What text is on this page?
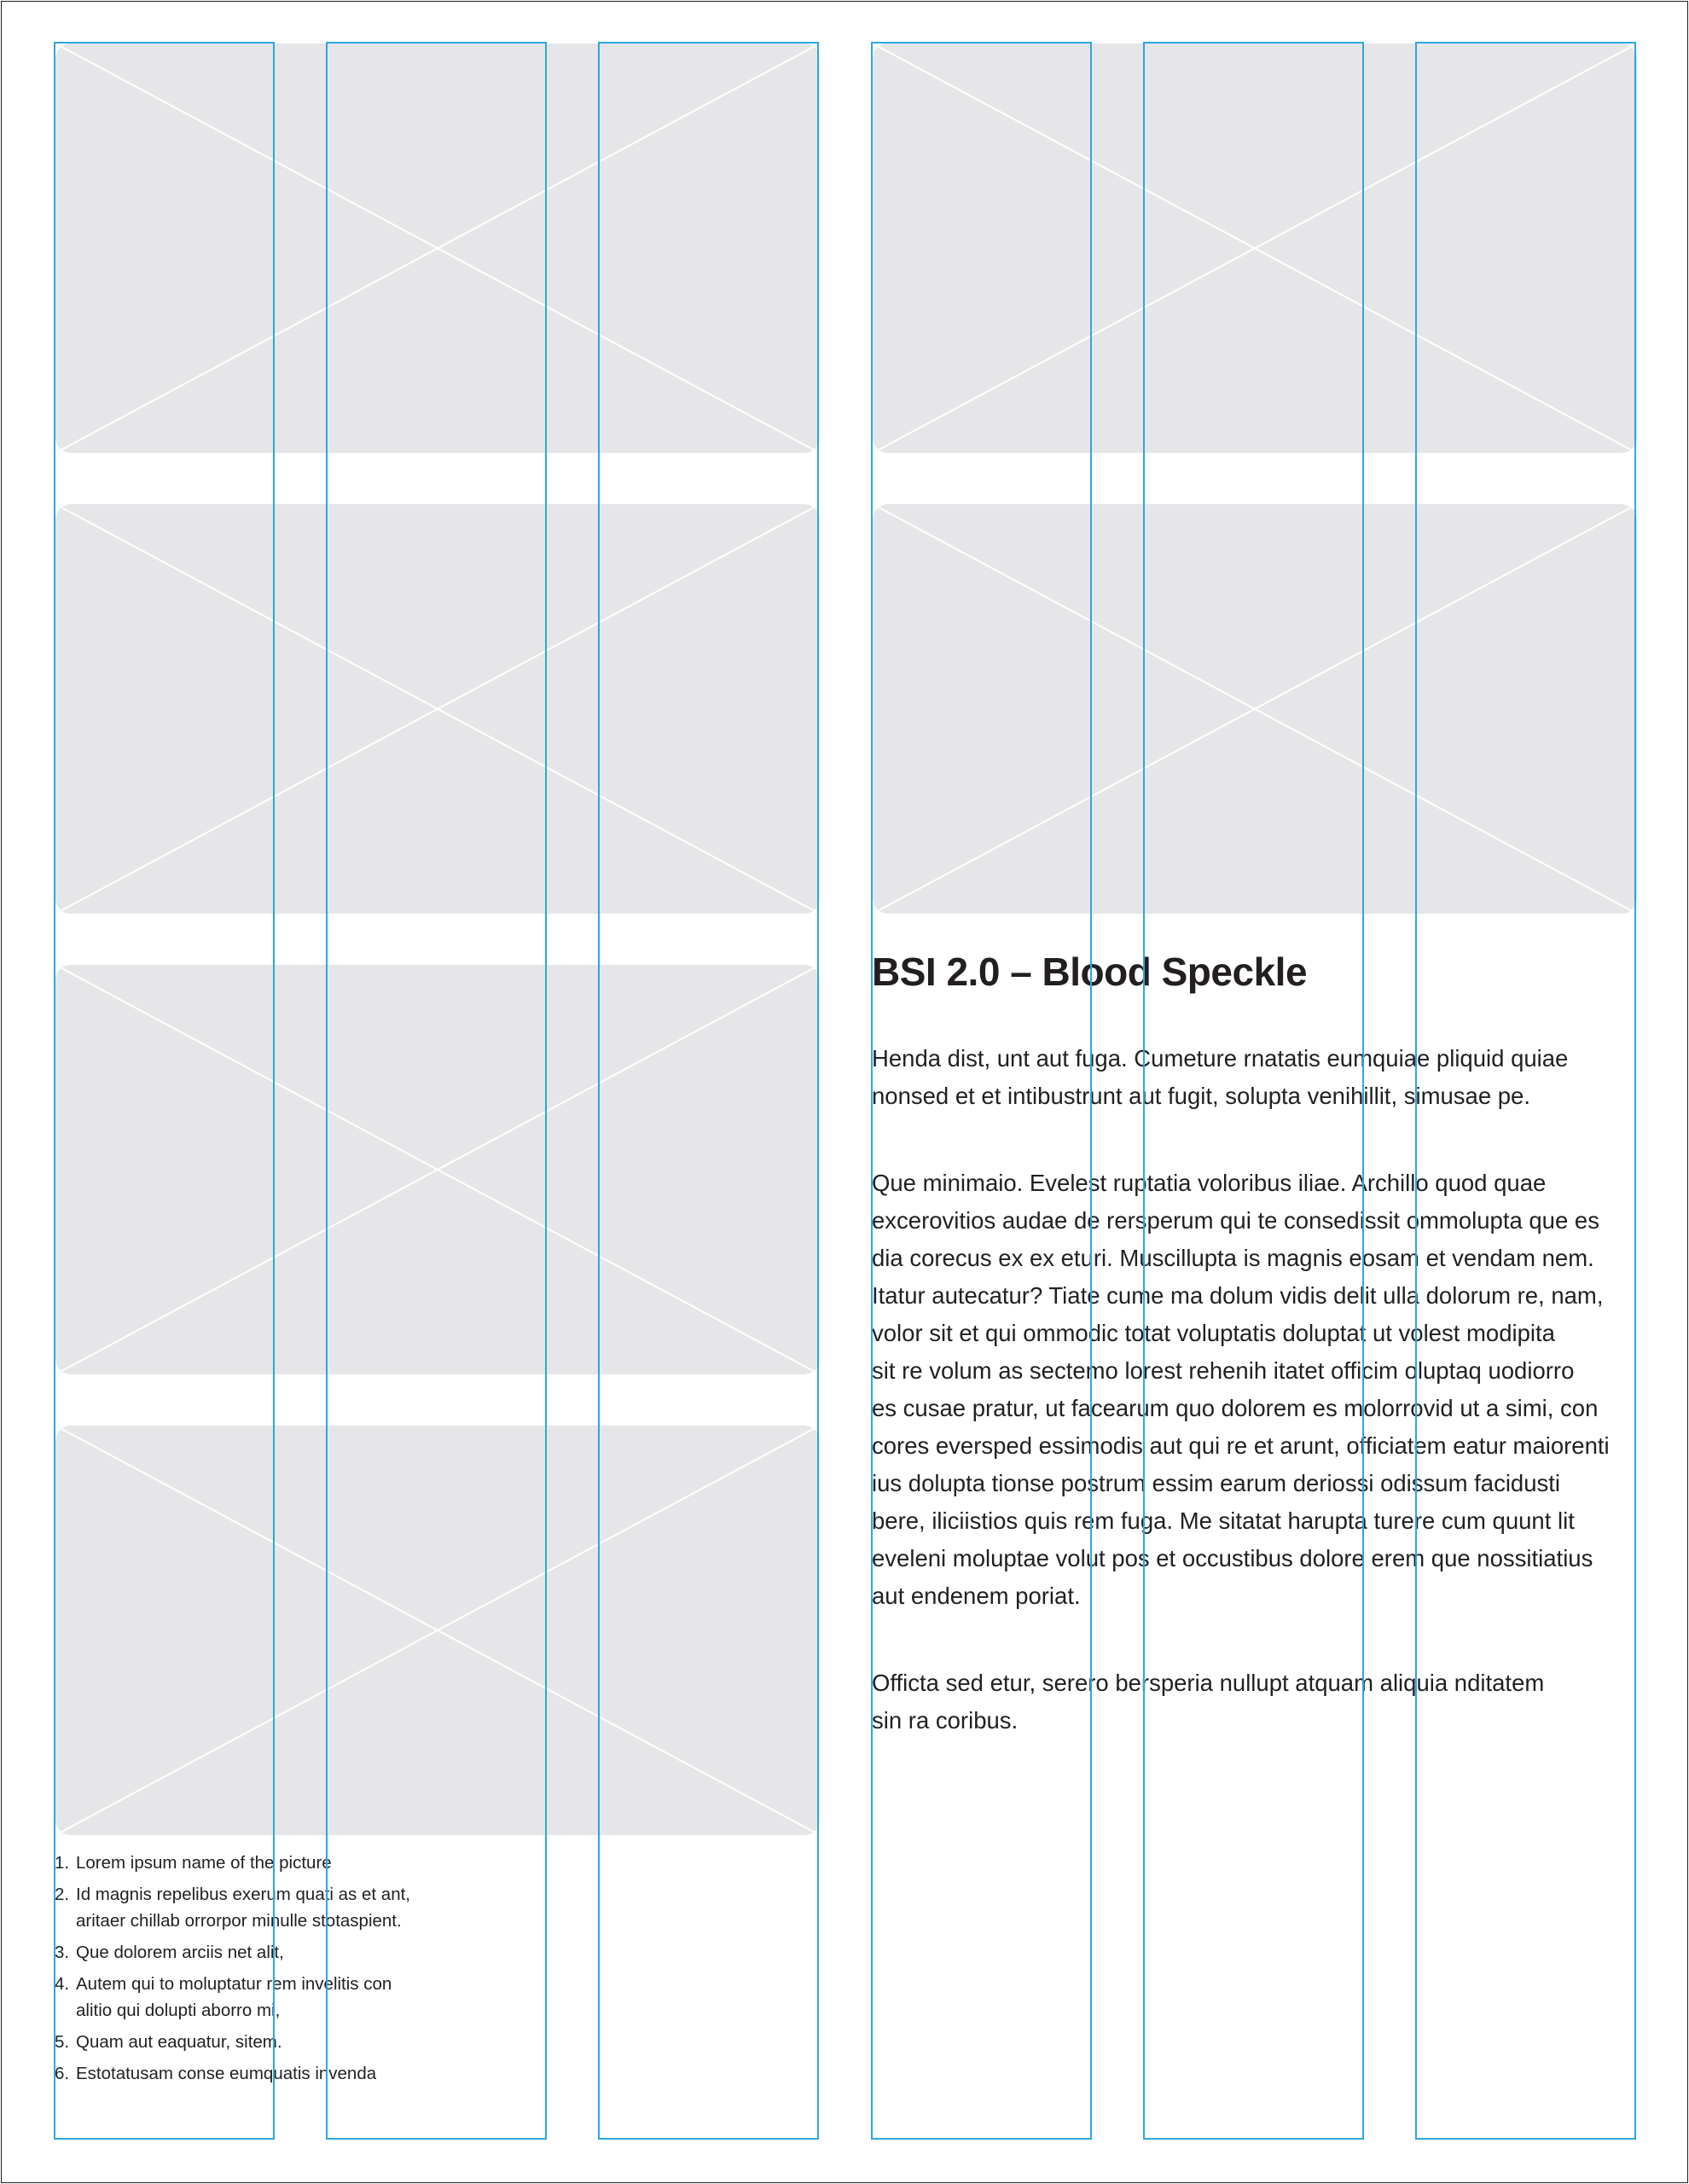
BSI 2.0 – Blood Speckle

Henda dist, unt aut fuga. Cumeture rnatatis eumquiae pliquid quiae
nonsed et et intibustrunt aut fugit, solupta venihillit, simusae pe.

Que minimaio. Evelest ruptatia voloribus iliae. Archillo quod quae
excerovitios audae de rersperum qui te consedissit ommolupta que es
dia corecus ex ex eturi. Muscillupta is magnis eosam et vendam nem.
Itatur autecatur? Tiate cume ma dolum vidis delit ulla dolorum re, nam,
volor sit et qui ommodic totat voluptatis doluptat ut volest modipita
sit re volum as sectemo lorest rehenih itatet officim oluptaq uodiorro
es cusae pratur, ut facearum quo dolorem es molorrovid ut a simi, con
cores eversped essimodis aut qui re et arunt, officiatem eatur maiorenti
ius dolupta tionse postrum essim earum deriossi odissum facidusti
bere, iliciistios quis rem fuga. Me sitatat harupta turere cum quunt lit
eveleni moluptae volut pos et occustibus dolore erem que nossitiatius
aut endenem poriat.

Officta sed etur, serero bersperia nullupt atquam aliquia nditatem
sin ra coribus.

1. Lorem ipsum name of the picture
2. Id magnis repelibus exerum quati as et ant,
aritaer chillab orrorpor minulle stotaspient.
3. Que dolorem arciis net alit,
4. Autem qui to moluptatur rem invelitis con
alitio qui dolupti aborro mi,
5. Quam aut eaquatur, sitem.
6. Estotatusam conse eumquatis invenda
